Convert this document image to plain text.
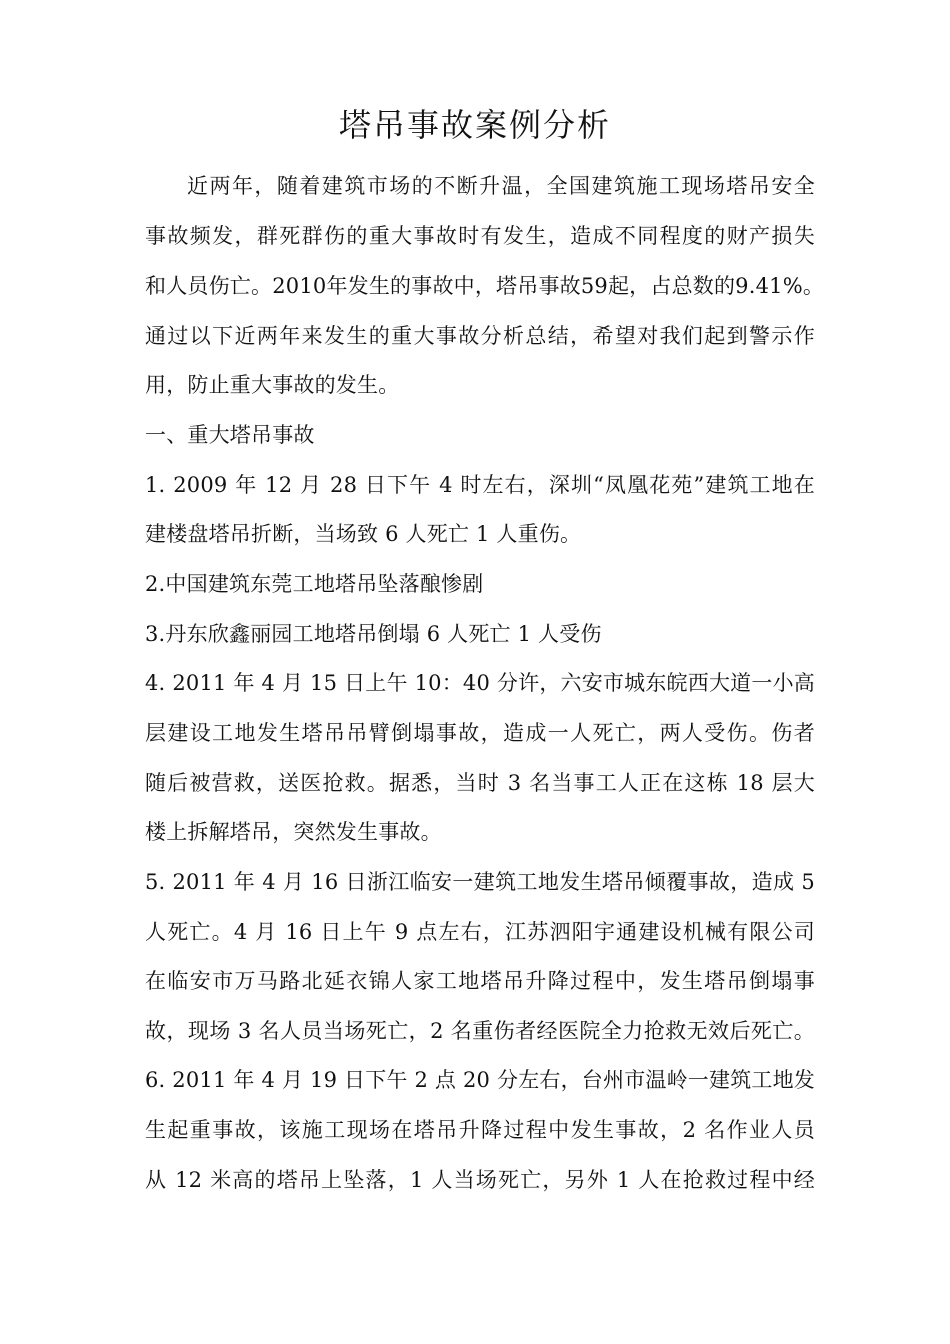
塔吊事故案例分析
近两年，随着建筑市场的不断升温，全国建筑施工现场塔吊安全
事故频发，群死群伤的重大事故时有发生，造成不同程度的财产损失
和人员伤亡。2010年发生的事故中，塔吊事故59起，占总数的9.41%。
通过以下近两年来发生的重大事故分析总结，希望对我们起到警示作
用，防止重大事故的发生。
一、重大塔吊事故
1. 2009 年 12 月 28 日下午 4 时左右，深圳“凤凰花苑”建筑工地在
建楼盘塔吊折断，当场致 6 人死亡 1 人重伤。
2.中国建筑东莞工地塔吊坠落酿惨剧
3.丹东欣鑫丽园工地塔吊倒塌 6 人死亡 1 人受伤
4. 2011 年 4 月 15 日上午 10：40 分许，六安市城东皖西大道一小高
层建设工地发生塔吊吊臂倒塌事故，造成一人死亡，两人受伤。伤者
随后被营救，送医抢救。据悉，当时 3 名当事工人正在这栋 18 层大
楼上拆解塔吊，突然发生事故。
5. 2011 年 4 月 16 日浙江临安一建筑工地发生塔吊倾覆事故，造成 5
人死亡。4 月 16 日上午 9 点左右，江苏泗阳宇通建设机械有限公司
在临安市万马路北延衣锦人家工地塔吊升降过程中，发生塔吊倒塌事
故，现场 3 名人员当场死亡，2 名重伤者经医院全力抢救无效后死亡。
6. 2011 年 4 月 19 日下午 2 点 20 分左右，台州市温岭一建筑工地发
生起重事故，该施工现场在塔吊升降过程中发生事故，2 名作业人员
从 12 米高的塔吊上坠落，1 人当场死亡，另外 1 人在抢救过程中经
